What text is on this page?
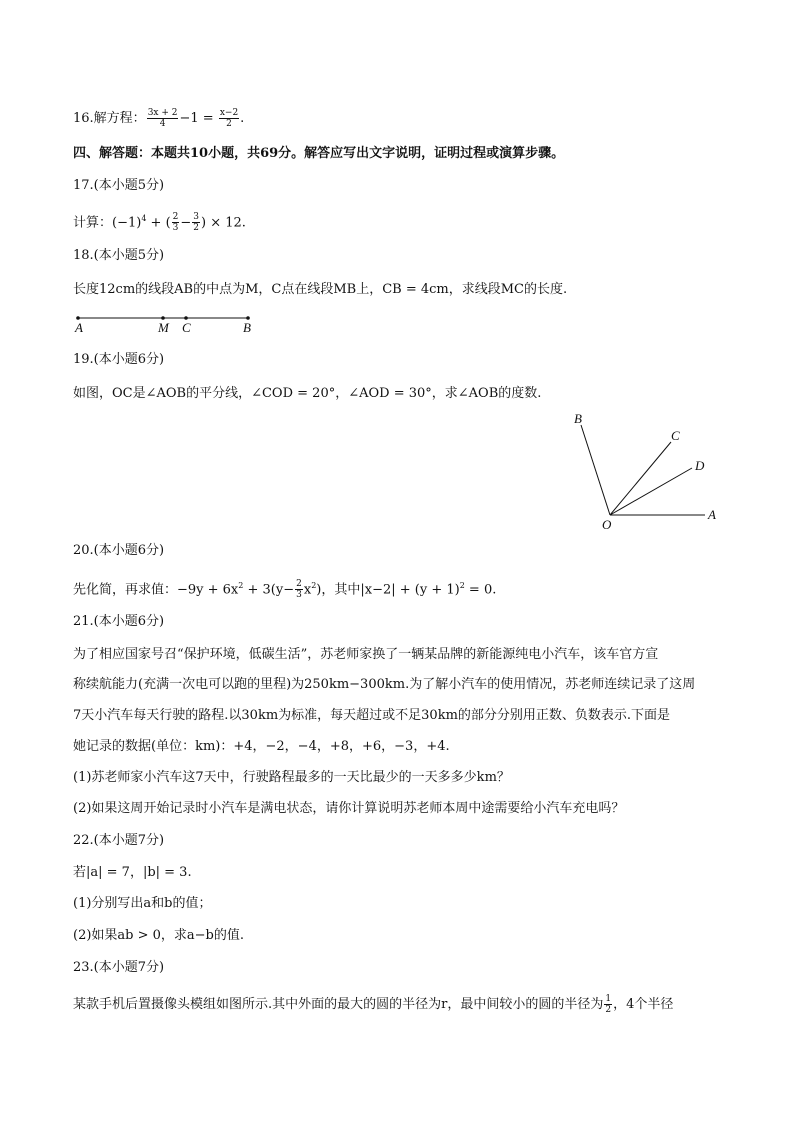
16.解方程： $\frac{3x + 2}{4} -1 = \frac{x-2}{2}$ .
四、解答题：本题共10小题，共69分。解答应写出文字说明，证明过程或演算步骤。
17.(本小题5分)
计算：$(-1)^4$ + ( $\frac{2}{3} - \frac{3}{2}$ ) × 12.
18.(本小题5分)
长度12cm的线段AB的中点为M，C点在线段MB上，CB = 4cm，求线段MC的长度.
A	M C	B
19.(本小题6分)
如图，OC是∠AOB的平分线，∠COD = 20°，∠AOD = 30°，求∠AOB的度数.
B
C
D
O
A
20.(本小题6分)
先化简，再求值：$-9y + 6x^2 + 3(y- \frac{2}{3} x^2)$，其中$|x-2| + (y + 1)^2 = 0$.
21.(本小题6分)
为了相应国家号召“保护环境，低碳生活”，苏老师家换了一辆某品牌的新能源纯电小汽车，该车官方宣
称续航能力(充满一次电可以跑的里程)为250km−300km.为了解小汽车的使用情况，苏老师连续记录了这周
7天小汽车每天行驶的路程.以30km为标准，每天超过或不足30km的部分分别用正数、负数表示.下面是
她记录的数据(单位：km)：+4，−2，−4，+8，+6，−3，+4.
(1)苏老师家小汽车这7天中，行驶路程最多的一天比最少的一天多多少km？
(2)如果这周开始记录时小汽车是满电状态，请你计算说明苏老师本周中途需要给小汽车充电吗？
22.(本小题7分)
若|a| = 7，|b| = 3.
(1)分别写出a和b的值；
(2)如果ab > 0，求a−b的值.
23.(本小题7分)
某款手机后置摄像头模组如图所示.其中外面的最大的圆的半径为r，最中间较小的圆的半径为 $\frac{1}{2}$ ，4个半径
